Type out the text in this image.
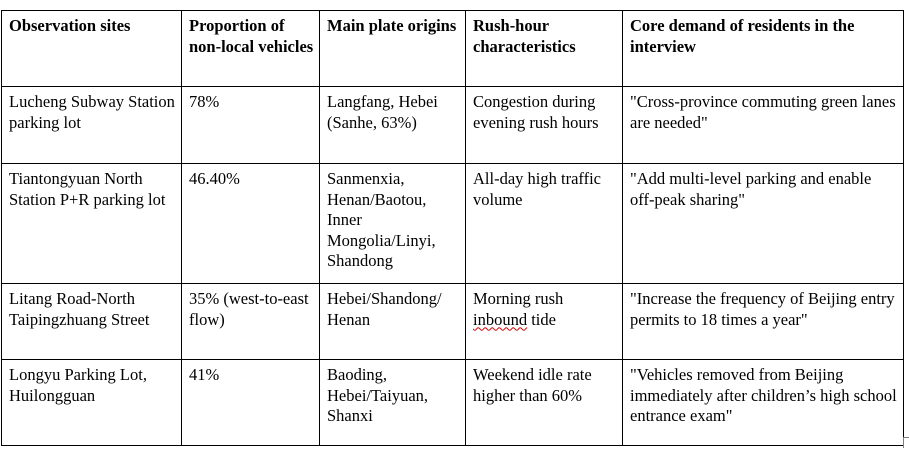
Observation sites	Proportion of non-local vehicles	Main plate origins	Rush-hour characteristics	Core demand of residents in the interview
Lucheng Subway Station parking lot	78%	Langfang, Hebei (Sanhe, 63%)	Congestion during evening rush hours	"Cross-province commuting green lanes are needed"
Tiantongyuan North Station P+R parking lot	46.40%	Sanmenxia, Henan/Baotou, Inner Mongolia/Linyi, Shandong	All-day high traffic volume	"Add multi-level parking and enable off-peak sharing"
Litang Road-North Taipingzhuang Street	35% (west-to-east flow)	Hebei/Shandong/ Henan	Morning rush inbound tide	"Increase the frequency of Beijing entry permits to 18 times a year"
Longyu Parking Lot, Huilongguan	41%	Baoding, Hebei/Taiyuan, Shanxi	Weekend idle rate higher than 60%	"Vehicles removed from Beijing immediately after children’s high school entrance exam"
